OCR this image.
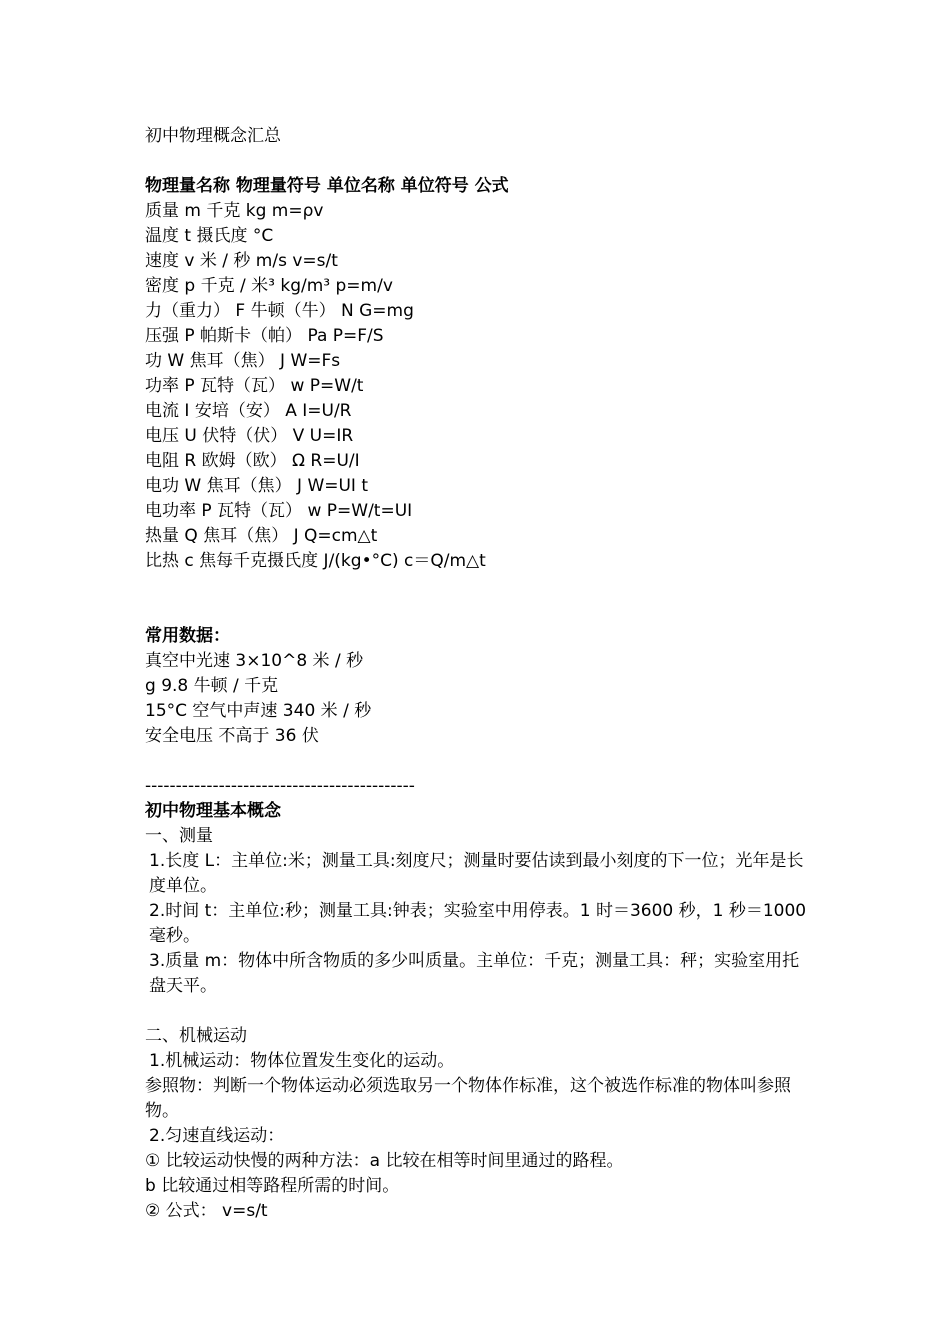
初中物理概念汇总
物理量名称 物理量符号 单位名称 单位符号 公式
质量 m 千克 kg m=ρv
温度 t 摄氏度 °C
速度 v 米 / 秒 m/s v=s/t
密度 p 千克 / 米³ kg/m³ p=m/v
力（重力） F 牛顿（牛） N G=mg
压强 P 帕斯卡（帕） Pa P=F/S
功 W 焦耳（焦） J W=Fs
功率 P 瓦特（瓦） w P=W/t
电流 I 安培（安） A I=U/R
电压 U 伏特（伏） V U=IR
电阻 R 欧姆（欧） Ω R=U/I
电功 W 焦耳（焦） J W=UI t
电功率 P 瓦特（瓦） w P=W/t=UI
热量 Q 焦耳（焦） J Q=cm△t
比热 c 焦每千克摄氏度 J/(kg•°C) c＝Q/m△t
常用数据：
真空中光速 3×10^8 米 / 秒
g 9.8 牛顿 / 千克
15°C 空气中声速 340 米 / 秒
安全电压 不高于 36 伏
--------------------------------------------
初中物理基本概念
一、测量
1.长度 L：主单位:米；测量工具:刻度尺；测量时要估读到最小刻度的下一位；光年是长度单位。
2.时间 t：主单位:秒；测量工具:钟表；实验室中用停表。1 时＝3600 秒，1 秒＝1000 毫秒。
3.质量 m：物体中所含物质的多少叫质量。主单位：千克；测量工具：秤；实验室用托盘天平。
二、机械运动
1.机械运动：物体位置发生变化的运动。
参照物：判断一个物体运动必须选取另一个物体作标准，这个被选作标准的物体叫参照物。
2.匀速直线运动：
① 比较运动快慢的两种方法：a 比较在相等时间里通过的路程。
b 比较通过相等路程所需的时间。
② 公式： v=s/t
